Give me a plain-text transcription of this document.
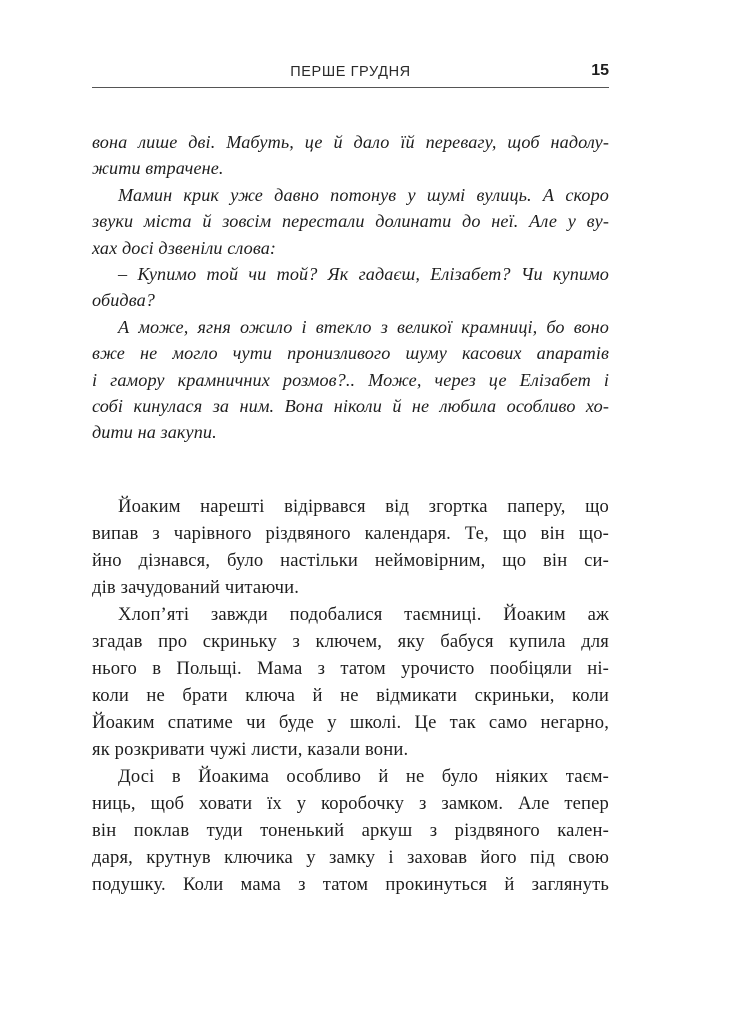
ПЕРШЕ ГРУДНЯ	15
вона лише дві. Мабуть, це й дало їй перевагу, щоб надолу-
жити втрачене.
Мамин крик уже давно потонув у шумі вулиць. А скоро
звуки міста й зовсім перестали долинати до неї. Але у ву-
хах досі дзвеніли слова:
– Купимо той чи той? Як гадаєш, Елізабет? Чи купимо
обидва?
А може, ягня ожило і втекло з великої крамниці, бо воно
вже не могло чути пронизливого шуму касових апаратів
і гамору крамничних розмов?.. Може, через це Елізабет і
собі кинулася за ним. Вона ніколи й не любила особливо хо-
дити на закупи.
Йоаким нарешті відірвався від згортка паперу, що
випав з чарівного різдвяного календаря. Те, що він що-
йно дізнався, було настільки неймовірним, що він си-
дів зачудований читаючи.
Хлоп’яті завжди подобалися таємниці. Йоаким аж
згадав про скриньку з ключем, яку бабуся купила для
нього в Польщі. Мама з татом урочисто пообіцяли ні-
коли не брати ключа й не відмикати скриньки, коли
Йоаким спатиме чи буде у школі. Це так само негарно,
як розкривати чужі листи, казали вони.
Досі в Йоакима особливо й не було ніяких таєм-
ниць, щоб ховати їх у коробочку з замком. Але тепер
він поклав туди тоненький аркуш з різдвяного кален-
даря, крутнув ключика у замку і заховав його під свою
подушку. Коли мама з татом прокинуться й заглянуть
